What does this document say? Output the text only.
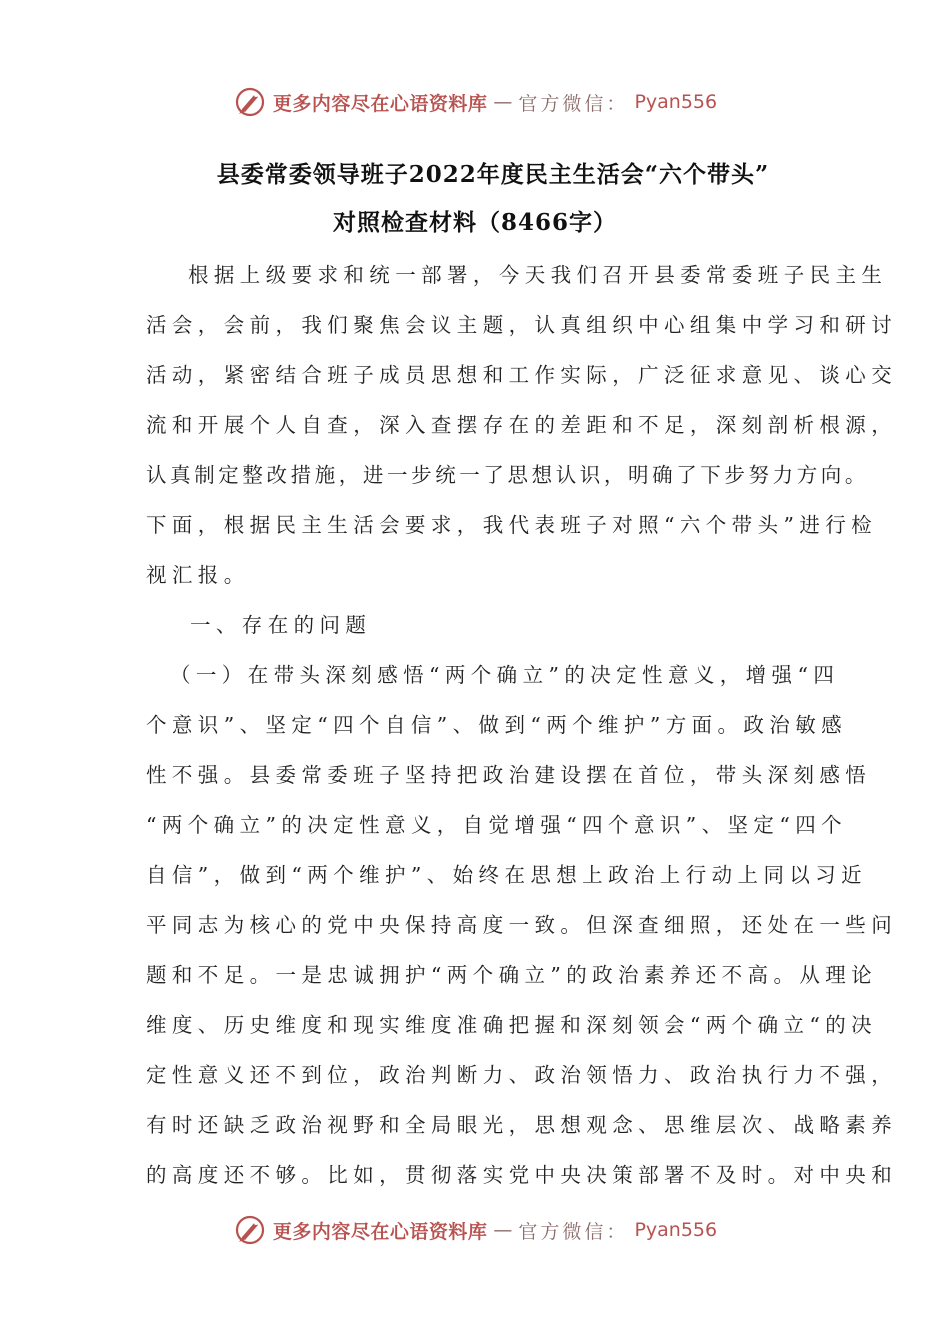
更多内容尽在心语资料库 — 官方微信： Pyan556
县委常委领导班子2022年度民主生活会“六个带头”
对照检查材料（8466字）
根据上级要求和统一部署，今天我们召开县委常委班子民主生
活会，会前，我们聚焦会议主题，认真组织中心组集中学习和研讨
活动，紧密结合班子成员思想和工作实际，广泛征求意见、谈心交
流和开展个人自查，深入查摆存在的差距和不足，深刻剖析根源，
认真制定整改措施，进一步统一了思想认识，明确了下步努力方向。
下面，根据民主生活会要求，我代表班子对照“六个带头”进行检
视汇报。
一、存在的问题
（一）在带头深刻感悟“两个确立”的决定性意义，增强“四
个意识”、坚定“四个自信”、做到“两个维护”方面。政治敏感
性不强。县委常委班子坚持把政治建设摆在首位，带头深刻感悟
“两个确立”的决定性意义，自觉增强“四个意识”、坚定“四个
自信”，做到“两个维护”、始终在思想上政治上行动上同以习近
平同志为核心的党中央保持高度一致。但深查细照，还处在一些问
题和不足。一是忠诚拥护“两个确立”的政治素养还不高。从理论
维度、历史维度和现实维度准确把握和深刻领会“两个确立“的决
定性意义还不到位，政治判断力、政治领悟力、政治执行力不强，
有时还缺乏政治视野和全局眼光，思想观念、思维层次、战略素养
的高度还不够。比如，贯彻落实党中央决策部署不及时。对中央和
更多内容尽在心语资料库 — 官方微信： Pyan556
